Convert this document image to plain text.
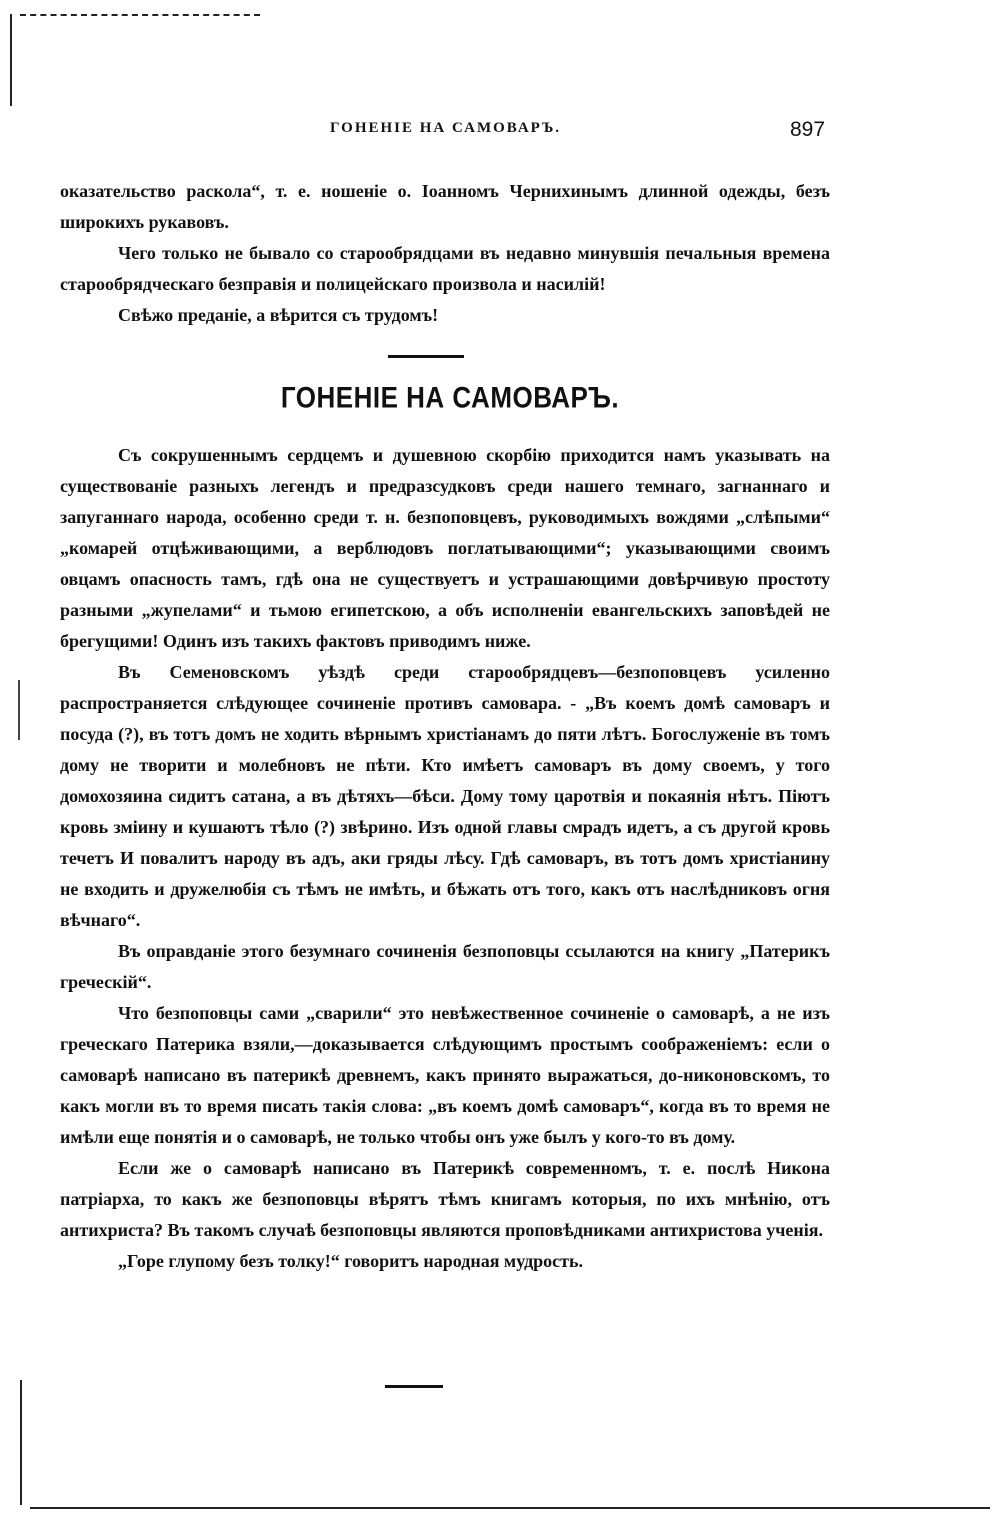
ГОНЕНІЕ НА САМОВАРЪ.	897

оказательство раскола“, т. е. ношеніе о. Іоанномъ Черниxинымъ длинной одежды, безъ широкихъ рукавовъ.

Чего только не бывало со старообрядцами въ недавно минувшія печальныя времена старообрядческаго безправія и полицейскаго произвола и насилій!

Свѣжо преданіе, а вѣрится съ трудомъ!

ГОНЕНІЕ НА САМОВАРЪ.

Съ сокрушеннымъ сердцемъ и душевною скорбію приходится намъ указывать на существованіе разныхъ легендъ и предразсудковъ среди нашего темнаго, загнаннаго и запуганнаго народа, особенно среди т. н. безпоповцевъ, руководимыхъ вождями „слѣпыми“ „комарей отцѣживающими, а верблюдовъ поглатывающими“; указывающими своимъ овцамъ опасность тамъ, гдѣ она не существуетъ и устрашающими довѣрчивую простоту разными „жупелами“ и тьмою египетскою, а объ исполненіи евангельскихъ заповѣдей не брегущими! Одинъ изъ такихъ фактовъ приводимъ ниже.

Въ Семеновскомъ уѣздѣ среди старообрядцевъ—безпоповцевъ усиленно распространяется слѣдующее сочиненіе противъ самовара. - „Въ коемъ домѣ самоваръ и посуда (?), въ тотъ домъ не ходить вѣрнымъ христіанамъ до пяти лѣтъ. Богослуженіе въ томъ дому не творити и молебновъ не пѣти. Кто имѣетъ самоваръ въ дому своемъ, у того домохозяина сидитъ сатана, а въ дѣтяхъ—бѣси. Дому тому царотвія и покаянія нѣтъ. Піютъ кровь зміину и кушаютъ тѣло (?) звѣрино. Изъ одной главы смрадъ идетъ, а съ другой кровь течетъ И повалитъ народу въ адъ, аки гряды лѣсу. Гдѣ самоваръ, въ тотъ домъ христіанину не входить и дружелюбія съ тѣмъ не имѣть, и бѣжать отъ того, какъ отъ наслѣдниковъ огня вѣчнаго“.

Въ оправданіе этого безумнаго сочиненія безпоповцы ссылаются на книгу „Патерикъ греческій“.

Что безпоповцы сами „сварили“ это невѣжественное сочиненіе о самоварѣ, а не изъ греческаго Патерика взяли,—доказывается слѣдующимъ простымъ соображеніемъ: если о самоварѣ написано въ патерикѣ древнемъ, какъ принято выражаться, до-никоновскомъ, то какъ могли въ то время писать такія слова: „въ коемъ домѣ самоваръ“, когда въ то время не имѣли еще понятія и о самоварѣ, не только чтобы онъ уже былъ у кого-то въ дому.

Если же о самоварѣ написано въ Патерикѣ современномъ, т. е. послѣ Никона патріарха, то какъ же безпоповцы вѣрятъ тѣмъ книгамъ которыя, по ихъ мнѣнію, отъ антихриста? Въ такомъ случаѣ безпоповцы являются проповѣдниками антихристова ученія.

„Горе глупому безъ толку!“ говоритъ народная мудрость.
